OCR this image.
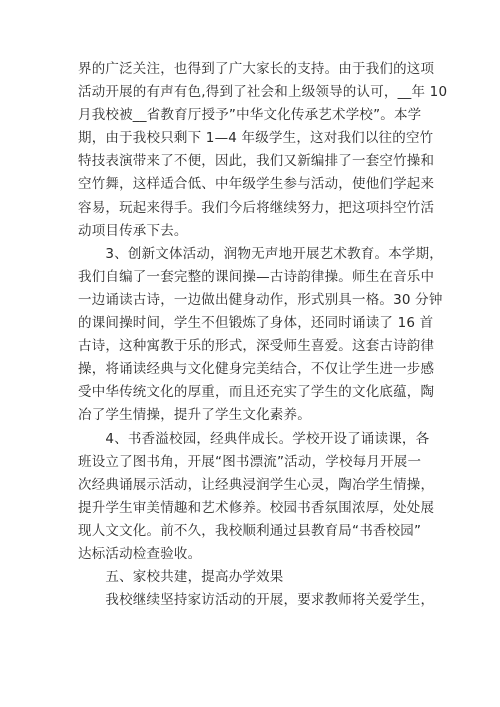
界的广泛关注，也得到了广大家长的支持。由于我们的这项
活动开展的有声有色,得到了社会和上级领导的认可，__年 10
月我校被__省教育厅授予”中华文化传承艺术学校”。本学
期，由于我校只剩下 1—4 年级学生，这对我们以往的空竹
特技表演带来了不便，因此，我们又新编排了一套空竹操和
空竹舞，这样适合低、中年级学生参与活动，使他们学起来
容易，玩起来得手。我们今后将继续努力，把这项抖空竹活
动项目传承下去。
　　3、创新文体活动，润物无声地开展艺术教育。本学期，
我们自编了一套完整的课间操—古诗韵律操。师生在音乐中
一边诵读古诗，一边做出健身动作，形式别具一格。30 分钟
的课间操时间，学生不但锻炼了身体，还同时诵读了 16 首
古诗，这种寓教于乐的形式，深受师生喜爱。这套古诗韵律
操，将诵读经典与文化健身完美结合，不仅让学生进一步感
受中华传统文化的厚重，而且还充实了学生的文化底蕴，陶
冶了学生情操，提升了学生文化素养。
　　4、书香溢校园，经典伴成长。学校开设了诵读课，各
班设立了图书角，开展“图书漂流”活动，学校每月开展一
次经典诵展示活动，让经典浸润学生心灵，陶冶学生情操，
提升学生审美情趣和艺术修养。校园书香氛围浓厚，处处展
现人文文化。前不久，我校顺利通过县教育局“书香校园”
达标活动检查验收。
　　五、家校共建，提高办学效果
　　我校继续坚持家访活动的开展，要求教师将关爱学生，
